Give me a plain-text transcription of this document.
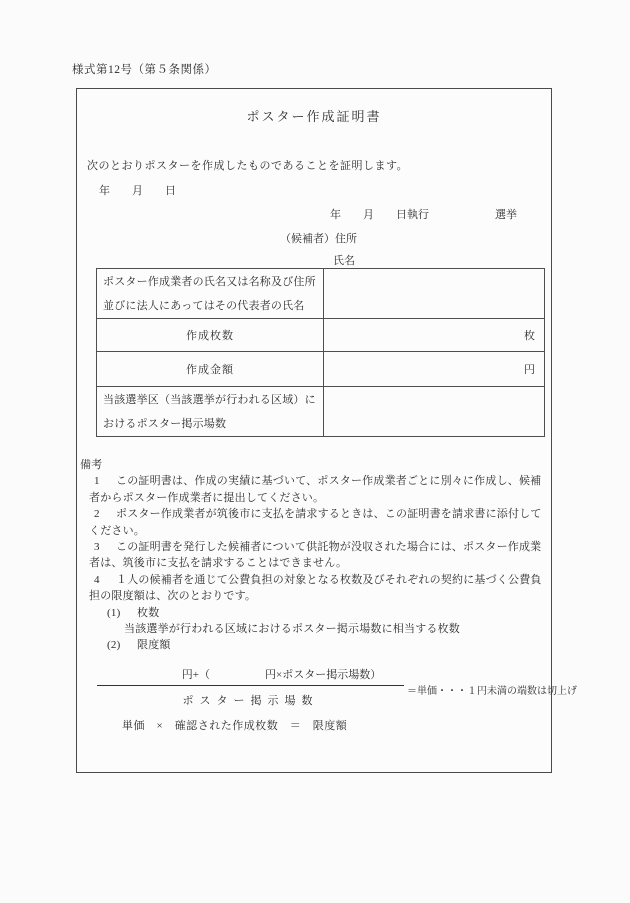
様式第12号（第５条関係）
ポスター作成証明書
次のとおりポスターを作成したものであることを証明します。
年　　月　　日
年　　月　　日執行　　　　　　選挙
（候補者）住所
氏名
ポスター作成業者の氏名又は名称及び住所並びに法人にあってはその代表者の氏名	
作成枚数	枚
作成金額	円
当該選挙区（当該選挙が行われる区域）におけるポスター掲示場数	

備考

1 この証明書は、作成の実績に基づいて、ポスター作成業者ごとに別々に作成し、候補者からポスター作成業者に提出してください。

2 ポスター作成業者が筑後市に支払を請求するときは、この証明書を請求書に添付してください。

3 この証明書を発行した候補者について供託物が没収された場合には、ポスター作成業者は、筑後市に支払を請求することはできません。

4 １人の候補者を通じて公費負担の対象となる枚数及びそれぞれの契約に基づく公費負担の限度額は、次のとおりです。

(1) 枚数

当該選挙が行われる区域におけるポスター掲示場数に相当する枚数

(2) 限度額

円+（　　　　　円×ポスター掲示場数）
ポスター掲示場数
＝単価・・・１円未満の端数は切上げ
単価　×　確認された作成枚数　＝　限度額
